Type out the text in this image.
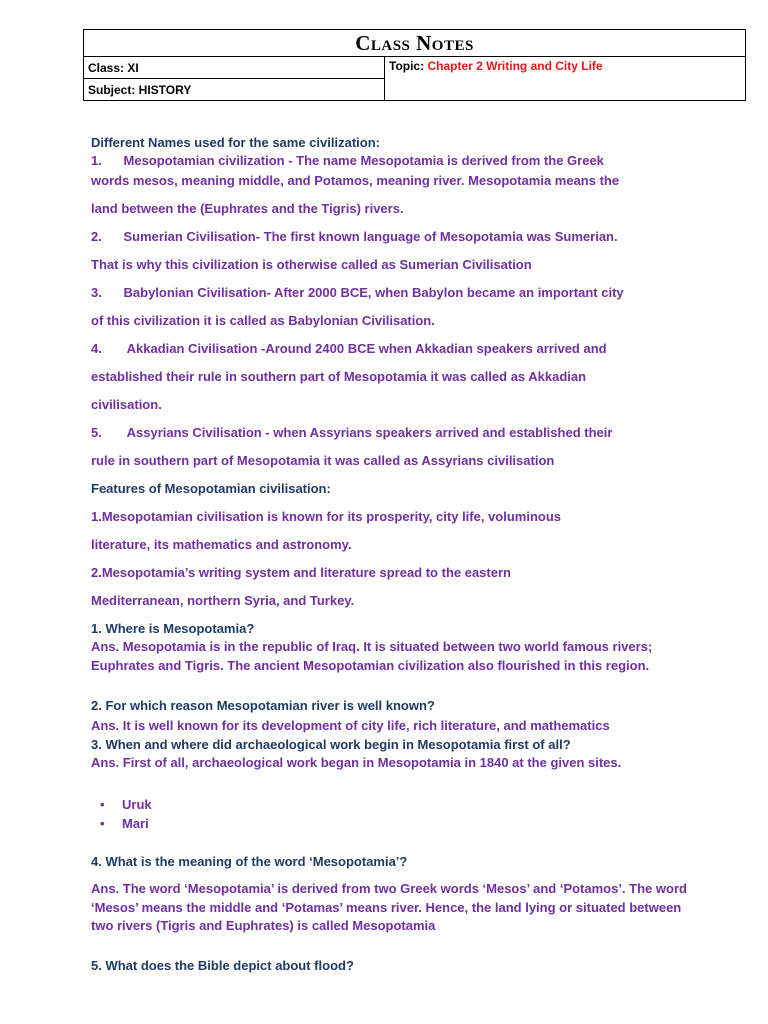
Class Notes
Class: XI	Topic: Chapter 2 Writing and City Life
Subject: HISTORY
Different Names used for the same civilization:
1.      Mesopotamian civilization - The name Mesopotamia is derived from the Greek
words mesos, meaning middle, and Potamos, meaning river. Mesopotamia means the
land between the (Euphrates and the Tigris) rivers.
2.      Sumerian Civilisation- The first known language of Mesopotamia was Sumerian.
That is why this civilization is otherwise called as Sumerian Civilisation
3.      Babylonian Civilisation- After 2000 BCE, when Babylon became an important city
of this civilization it is called as Babylonian Civilisation.
4.       Akkadian Civilisation -Around 2400 BCE when Akkadian speakers arrived and
established their rule in southern part of Mesopotamia it was called as Akkadian
civilisation.
5.       Assyrians Civilisation - when Assyrians speakers arrived and established their
rule in southern part of Mesopotamia it was called as Assyrians civilisation
Features of Mesopotamian civilisation:
1.Mesopotamian civilisation is known for its prosperity, city life, voluminous
literature, its mathematics and astronomy.
2.Mesopotamia’s writing system and literature spread to the eastern
Mediterranean, northern Syria, and Turkey.
1. Where is Mesopotamia?
Ans. Mesopotamia is in the republic of Iraq. It is situated between two world famous rivers;
Euphrates and Tigris. The ancient Mesopotamian civilization also flourished in this region.
2. For which reason Mesopotamian river is well known?
Ans. It is well known for its development of city life, rich literature, and mathematics
3. When and where did archaeological work begin in Mesopotamia first of all?
Ans. First of all, archaeological work began in Mesopotamia in 1840 at the given sites.
• Uruk
• Mari
4. What is the meaning of the word ‘Mesopotamia’?
Ans. The word ‘Mesopotamia’ is derived from two Greek words ‘Mesos’ and ‘Potamos’. The word
‘Mesos’ means the middle and ‘Potamas’ means river. Hence, the land lying or situated between
two rivers (Tigris and Euphrates) is called Mesopotamia
5. What does the Bible depict about flood?
